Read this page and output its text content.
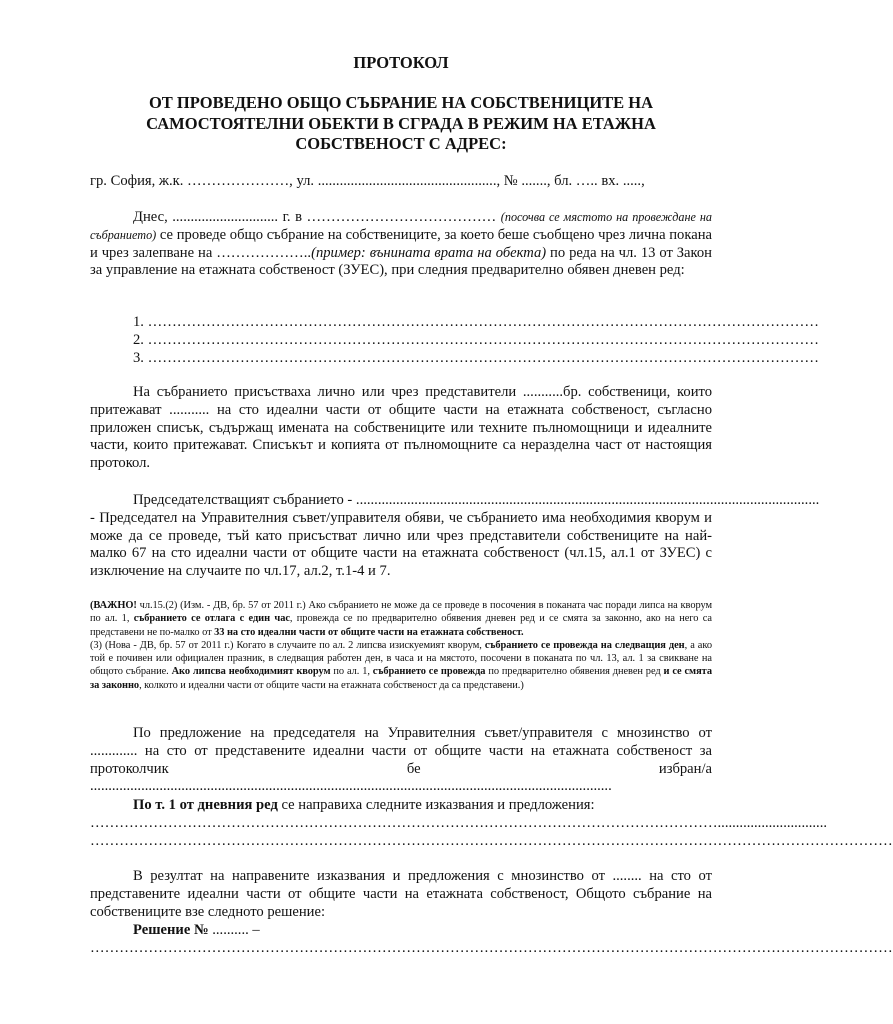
ПРОТОКОЛ

ОТ ПРОВЕДЕНО ОБЩО СЪБРАНИЕ НА СОБСТВЕНИЦИТЕ НА
САМОСТОЯТЕЛНИ ОБЕКТИ В СГРАДА В РЕЖИМ НА ЕТАЖНА
СОБСТВЕНОСТ С АДРЕС:

гр. София, ж.к. …………………, ул. ................................................., № ......., бл. ….. вх. .....,

Днес, ............................. г. в ………………………………… (посочва се мястото на провеждане на събранието) се проведе общо събрание на собствениците, за което беше съобщено чрез лична покана и чрез залепване на ………………..(пример: вънината врата на обекта) по реда на чл. 13 от Закон за управление на етажната собственост (ЗУЕС), при следния предварително обявен дневен ред:

1. …………………………………………………………………………………………………………………………
2. …………………………………………………………………………………………………………………………
3. …………………………………………………………………………………………………………………………

На събранието присъстваха лично или чрез представители ...........бр. собственици, които притежават ........... на сто идеални части от общите части на етажната собственост, съгласно приложен списък, съдържащ имената на собствениците или техните пълномощници и идеалните части, които притежават. Списъкът и копията от пълномощните са неразделна част от настоящия протокол.

Председателстващият събранието - ...............................................................................................................................
- Председател на Управителния съвет/управителя обяви, че събранието има необходимия кворум и може да се проведе, тъй като присъстват лично или чрез представители собствениците на най-малко 67 на сто идеални части от общите части на етажната собственост (чл.15, ал.1 от ЗУЕС) с изключение на случаите по чл.17, ал.2, т.1-4 и 7.
(ВАЖНО! чл.15.(2) (Изм. - ДВ, бр. 57 от 2011 г.) Ако събранието не може да се проведе в посочения в поканата час поради липса на кворум по ал. 1, събранието се отлага с един час, провежда се по предварително обявения дневен ред и се смята за законно, ако на него са представени не по-малко от 33 на сто идеални части от общите части на етажната собственост.
(3) (Нова - ДВ, бр. 57 от 2011 г.) Когато в случаите по ал. 2 липсва изискуемият кворум, събранието се провежда на следващия ден, а ако той е почивен или официален празник, в следващия работен ден, в часа и на мястото, посочени в поканата по чл. 13, ал. 1 за свикване на общото събрание. Ако липсва необходимият кворум по ал. 1, събранието се провежда по предварително обявения дневен ред и се смята за законно, колкото и идеални части от общите части на етажната собственост да са представени.)

По предложение на председателя на Управителния съвет/управителя с мнозинство от ............. на сто от представените идеални части от общите части на етажната собственост за протоколчик бе избран/а ...............................................................................................................................................

По т. 1 от дневния ред се направиха следните изказвания и предложения:
…………………………………………………………………………………………………………………..............................
…………………………………………………………………………………………………………………………………………………

В резултат на направените изказвания и предложения с мнозинство от ........ на сто от представените идеални части от общите части на етажната собственост, Общото събрание на собствениците взе следното решение:

Решение № .......... –
…………………………………………………………………………………………………………………………………………………
